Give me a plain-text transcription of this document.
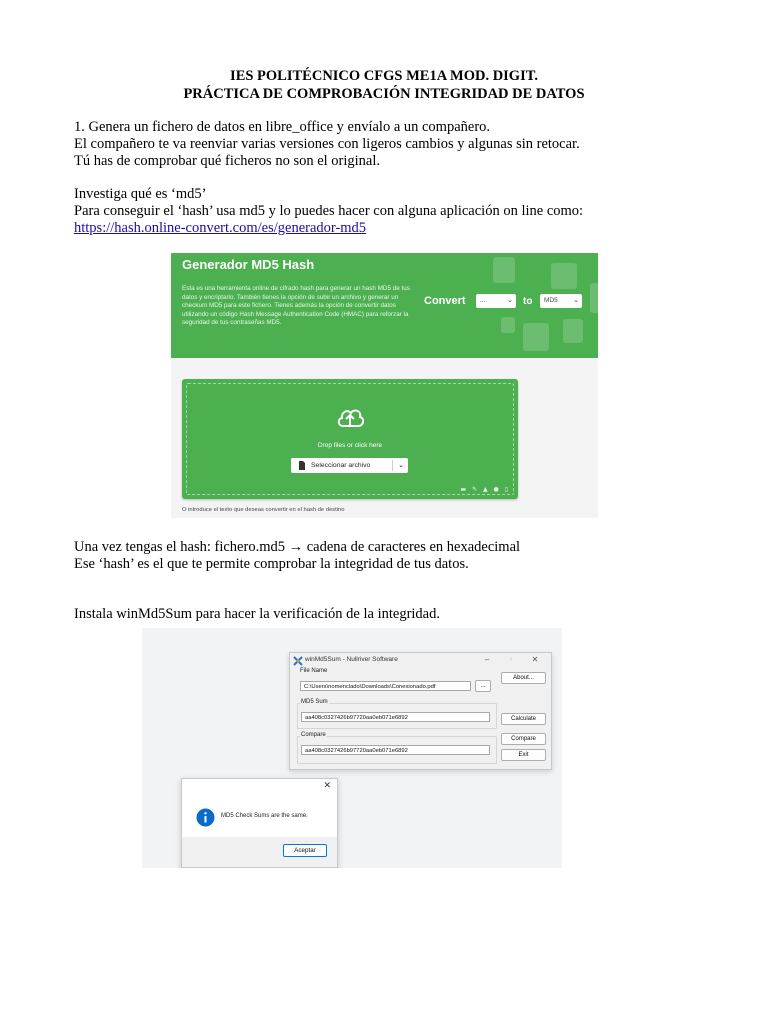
IES POLITÉCNICO CFGS ME1A MOD. DIGIT.
PRÁCTICA DE COMPROBACIÓN INTEGRIDAD DE DATOS
1. Genera un fichero de datos en libre_office y envíalo a un compañero.
El compañero te va reenviar varias versiones con ligeros cambios y algunas sin retocar.
Tú has de comprobar qué ficheros no son el original.
Investiga qué es ‘md5’
Para conseguir el ‘hash’ usa md5 y lo puedes hacer con alguna aplicación on line como:
https://hash.online-convert.com/es/generador-md5
Generador MD5 Hash
Esta es una herramienta online de cifrado hash para generar un hash MD5 de tus datos y encriptarlo. También tienes la opción de subir un archivo y generar un checkum MD5 para este fichero. Tienes además la opción de convertir datos utilizando un código Hash Message Authentication Code (HMAC) para reforzar la seguridad de tus contraseñas MD5.
Convert	...	⌄ to	MD5 ⌄
Drop files or click here
Seleccionar archivo	⌄
▬ ✎ ▲ ● ▯
O introduce el texto que deseas convertir en el hash de destino
Una vez tengas el hash: fichero.md5 → cadena de caracteres en hexadecimal
Ese ‘hash’ es el que te permite comprobar la integridad de tus datos.
Instala winMd5Sum para hacer la verificación de la integridad.
winMd5Sum - Nullriver Software	–	▫ ✕
File Name
C:\Users\nomenclado\Downloads\Conexionado.pdf	...
About...
MD5 Sum
aa408c0327426b97720aa0eb071e6892	Calculate
Compare
aa408c0327426b97720aa0eb071e6892
Compare
Exit
✕
MD5 Check Sums are the same.
Aceptar
